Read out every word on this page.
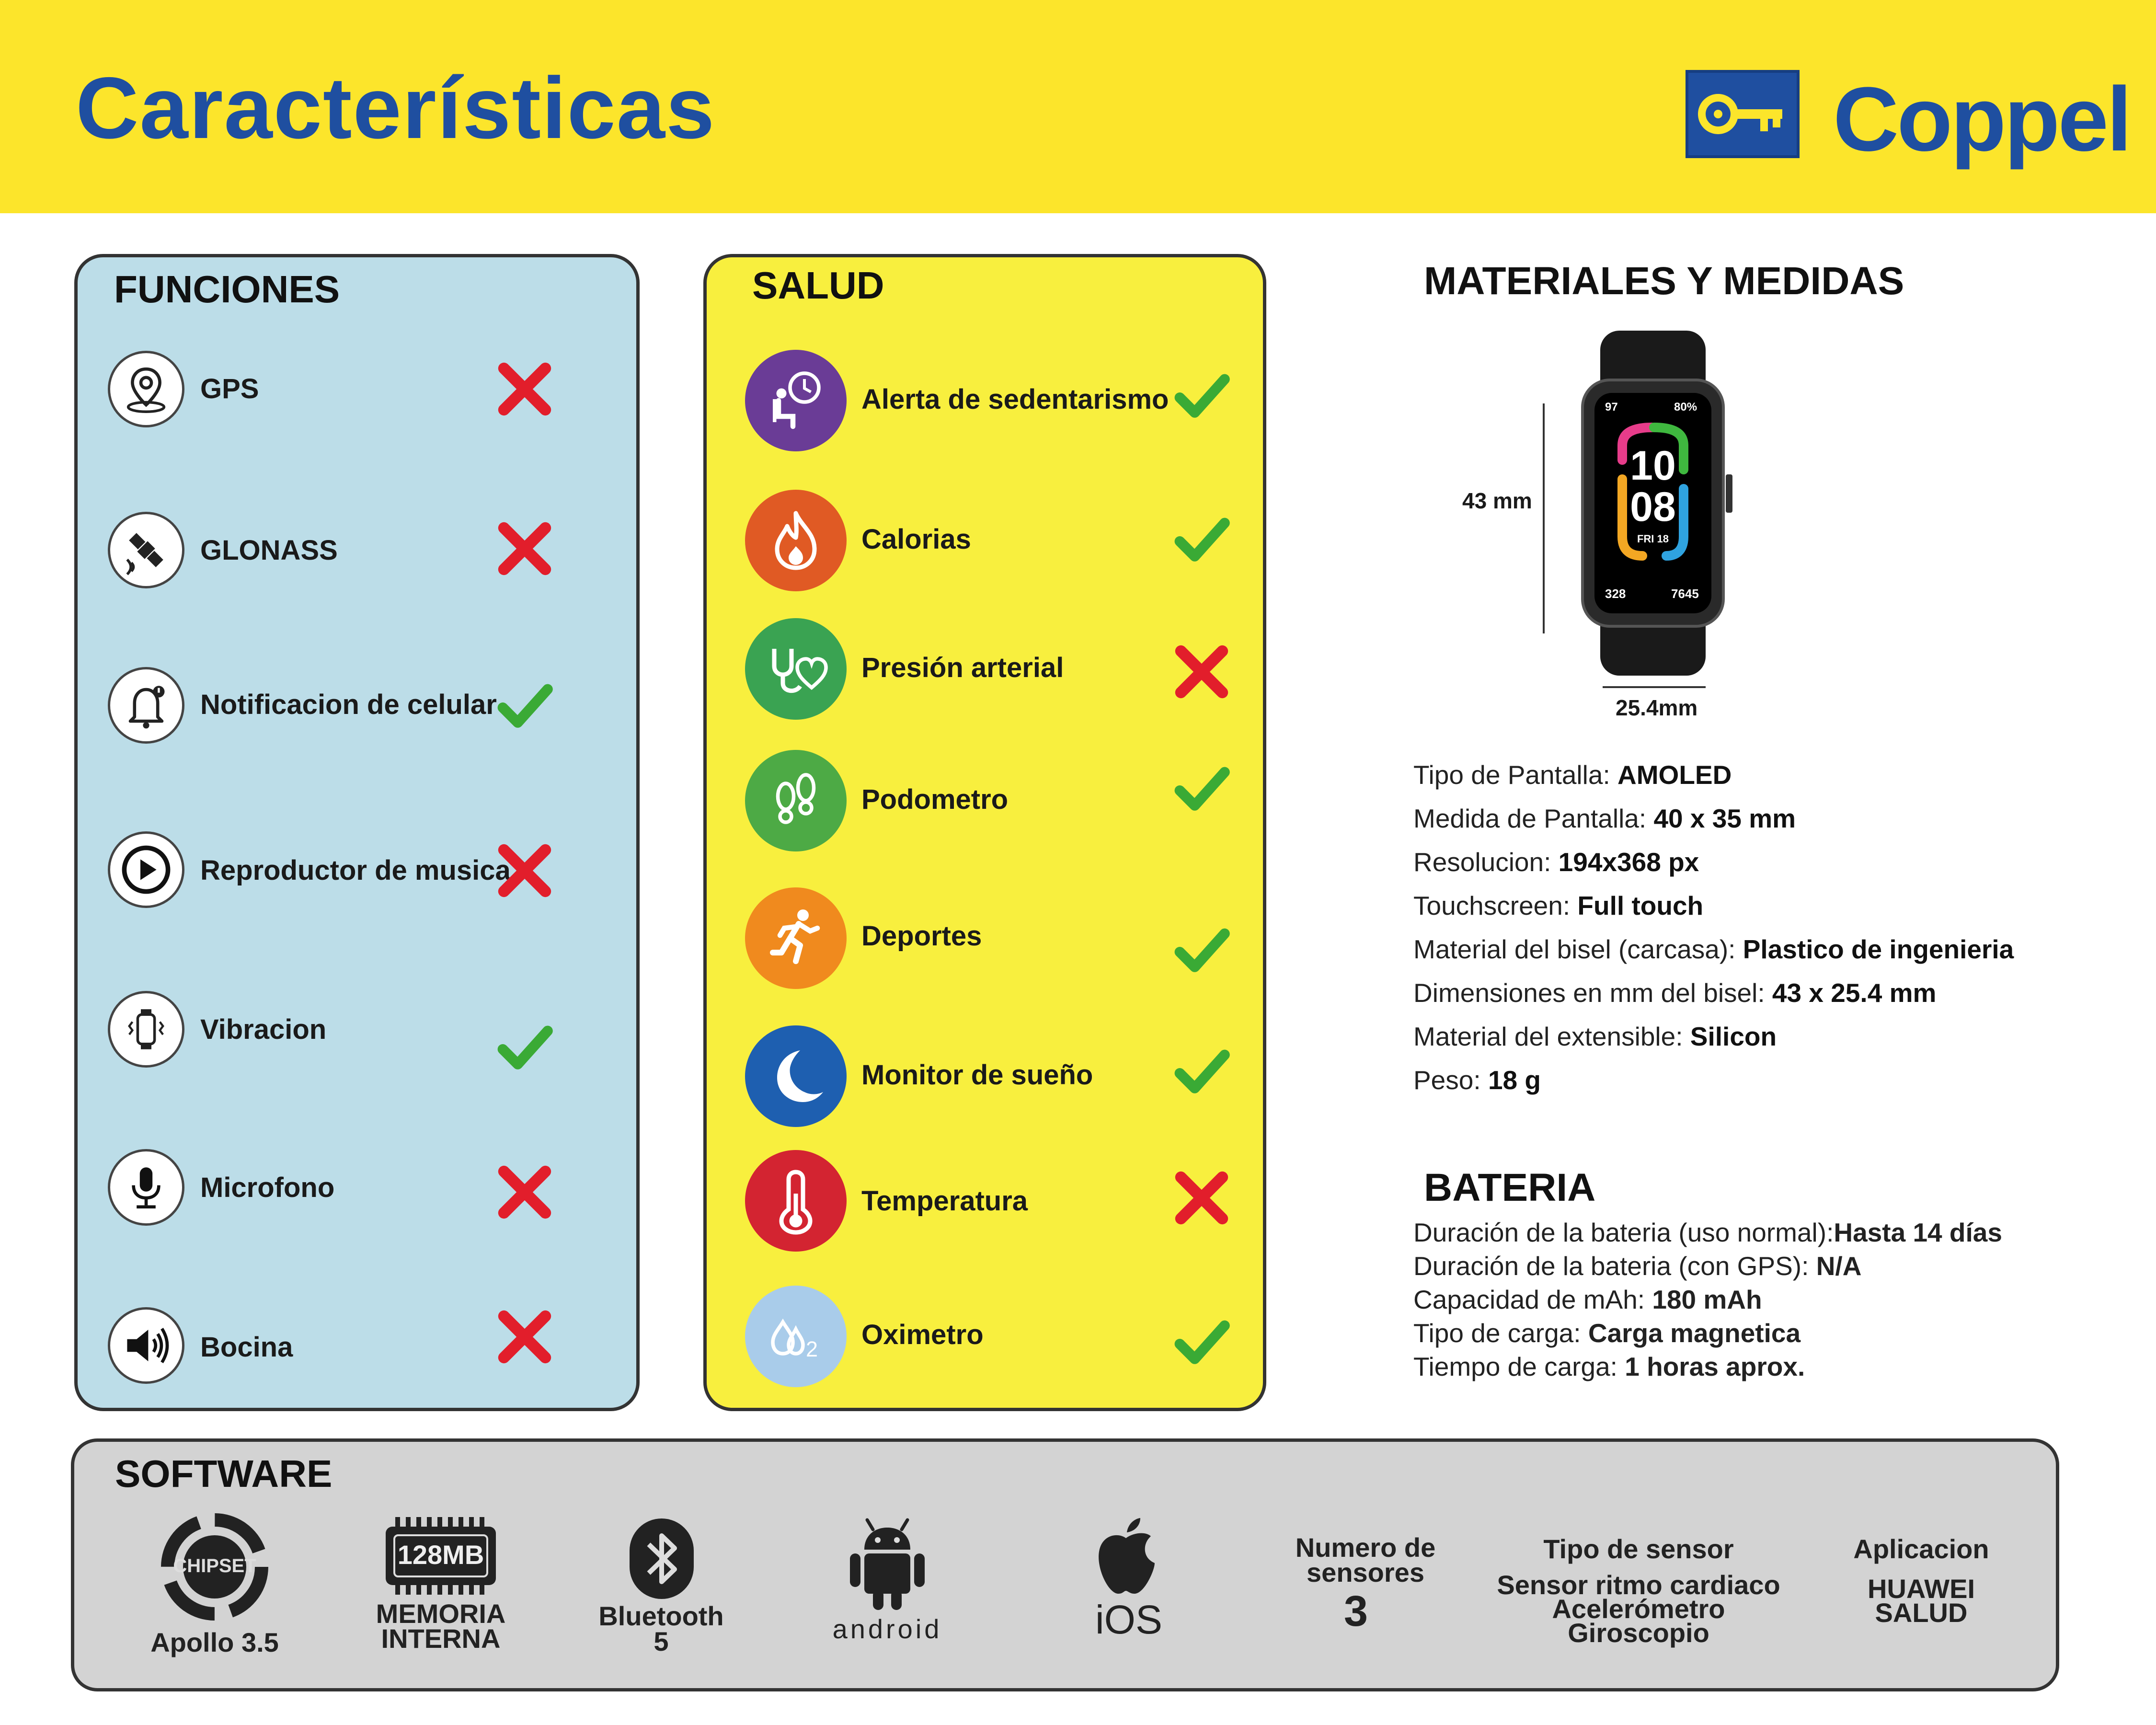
Características	Coppel
FUNCIONES
GPS
GLONASS
Notificacion de celular
Reproductor de musica
Vibracion
Microfono
Bocina
SALUD
Alerta de sedentarismo
Calorias
Presión arterial
Podometro
Deportes
Monitor de sueño
Temperatura
2 Oximetro
MATERIALES Y MEDIDAS
43 mm
25.4mm
97	80%
10
08
FRI 18
328	7645
Tipo de Pantalla: AMOLED
Medida de Pantalla: 40 x 35 mm
Resolucion: 194x368 px
Touchscreen: Full touch
Material del bisel (carcasa): Plastico de ingenieria
Dimensiones en mm del bisel: 43 x 25.4 mm
Material del extensible: Silicon
Peso: 18 g
BATERIA
Duración de la bateria (uso normal):Hasta 14 días
Duración de la bateria (con GPS): N/A
Capacidad de mAh: 180 mAh
Tipo de carga: Carga magnetica
Tiempo de carga: 1 horas aprox.
SOFTWARE
CHIPSET
Apollo 3.5
128MB
MEMORIA
INTERNA
Bluetooth
5	android	iOS
Numero de
sensores
3
Tipo de sensor
Sensor ritmo cardiaco
Acelerómetro
Giroscopio
Aplicacion
HUAWEI
SALUD
